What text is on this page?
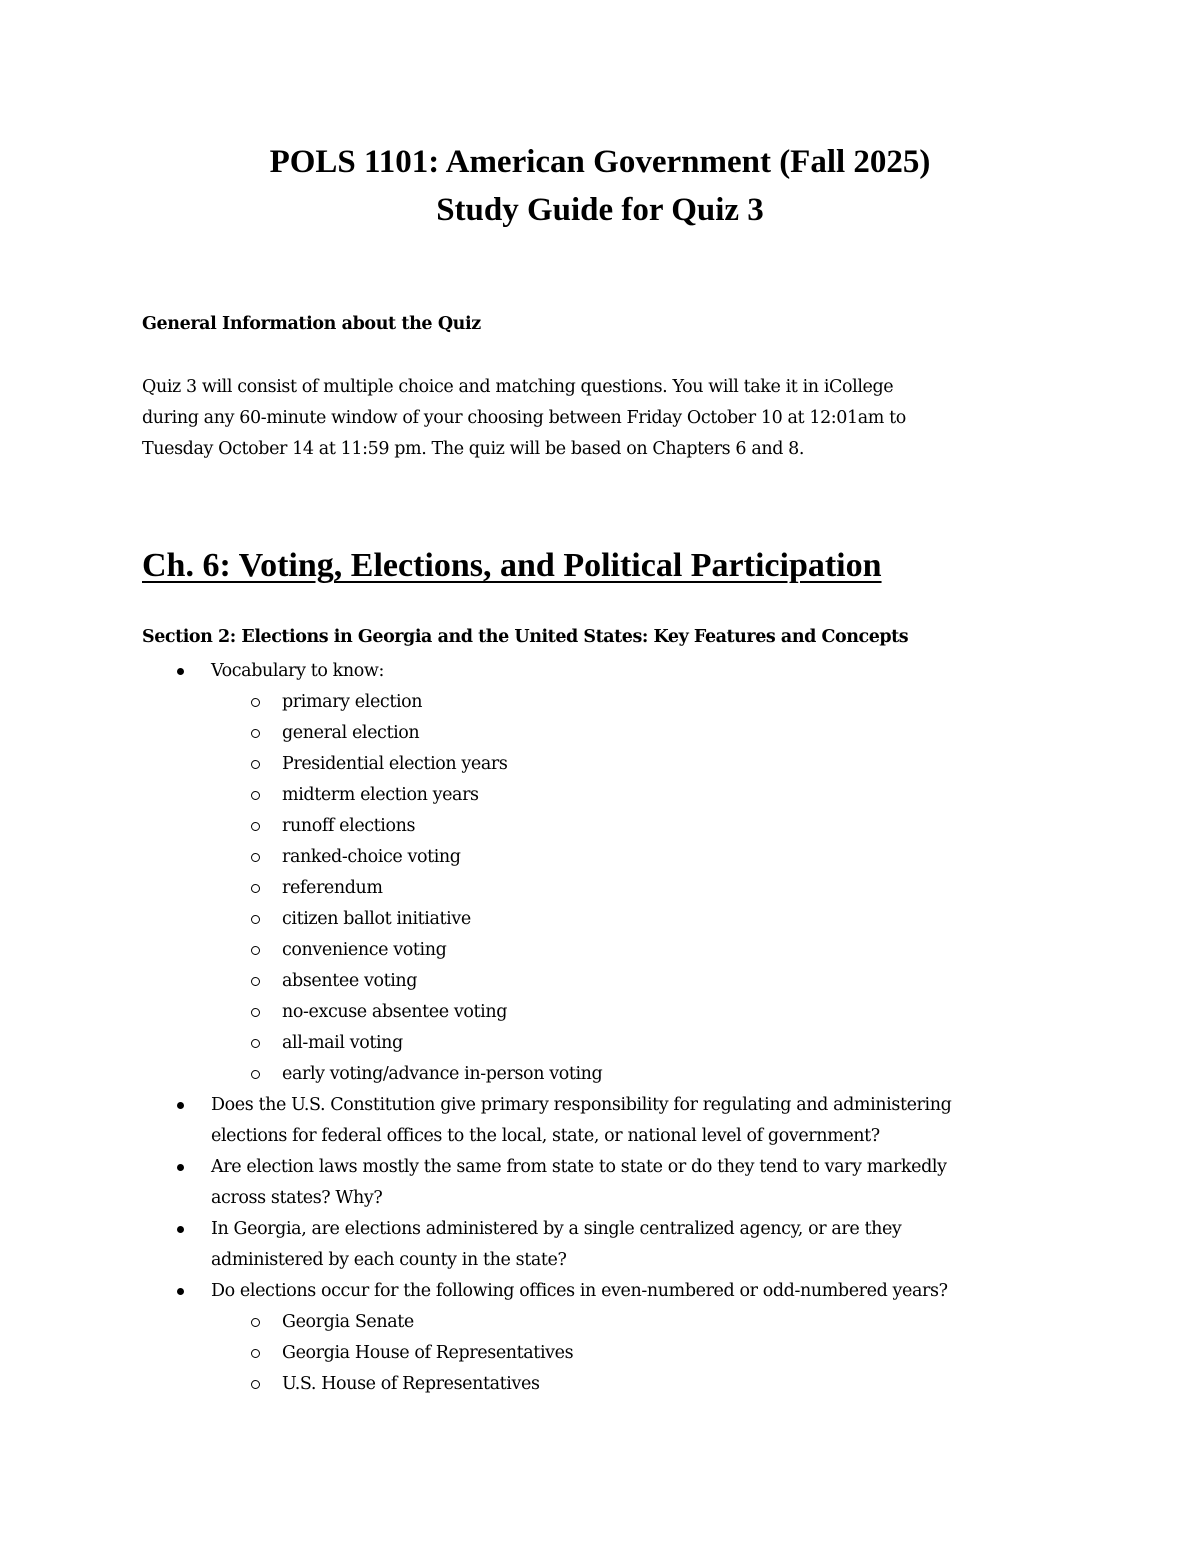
POLS 1101: American Government (Fall 2025)
Study Guide for Quiz 3
General Information about the Quiz
Quiz 3 will consist of multiple choice and matching questions. You will take it in iCollege
during any 60-minute window of your choosing between Friday October 10 at 12:01am to
Tuesday October 14 at 11:59 pm. The quiz will be based on Chapters 6 and 8.
Ch. 6: Voting, Elections, and Political Participation
Section 2: Elections in Georgia and the United States: Key Features and Concepts
Vocabulary to know:
primary election
general election
Presidential election years
midterm election years
runoff elections
ranked-choice voting
referendum
citizen ballot initiative
convenience voting
absentee voting
no-excuse absentee voting
all-mail voting
early voting/advance in-person voting
Does the U.S. Constitution give primary responsibility for regulating and administering
elections for federal offices to the local, state, or national level of government?
Are election laws mostly the same from state to state or do they tend to vary markedly
across states? Why?
In Georgia, are elections administered by a single centralized agency, or are they
administered by each county in the state?
Do elections occur for the following offices in even-numbered or odd-numbered years?
Georgia Senate
Georgia House of Representatives
U.S. House of Representatives
